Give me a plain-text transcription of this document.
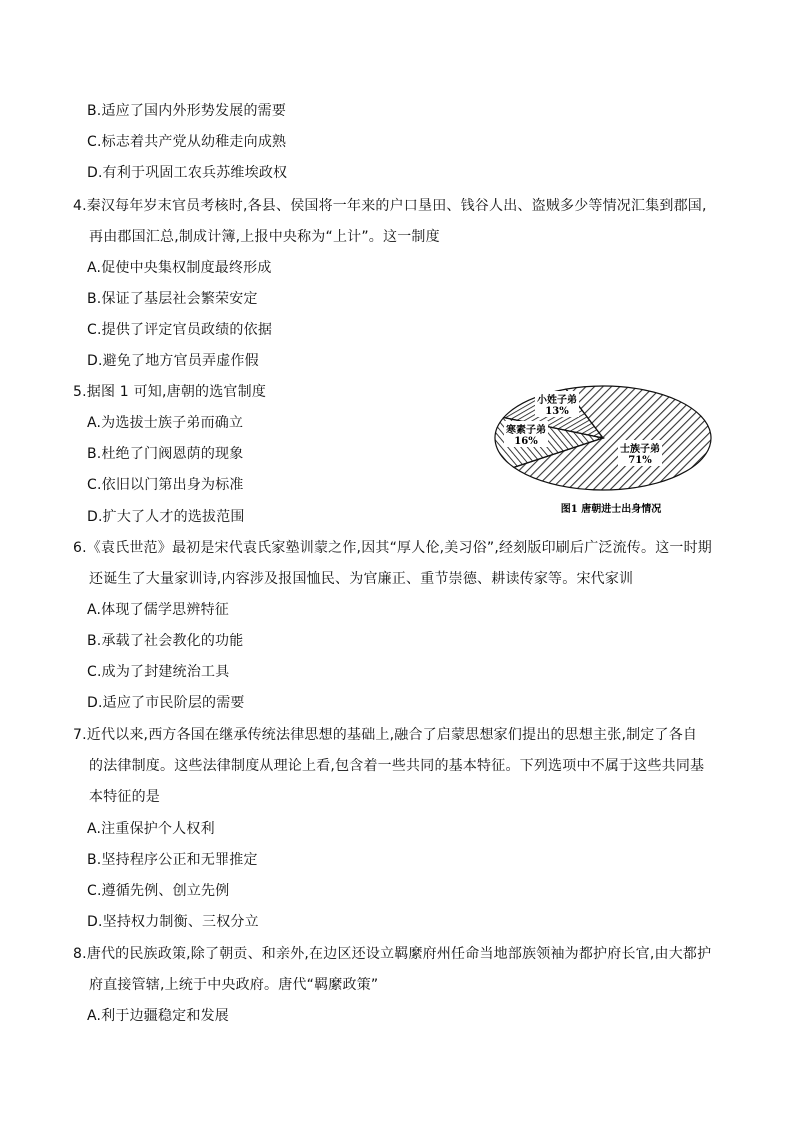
B.适应了国内外形势发展的需要
C.标志着共产党从幼稚走向成熟
D.有利于巩固工农兵苏维埃政权
4.秦汉每年岁末官员考核时,各县、侯国将一年来的户口垦田、钱谷人出、盗贼多少等情况汇集到郡国,
再由郡国汇总,制成计簿,上报中央称为“上计”。这一制度
A.促使中央集权制度最终形成
B.保证了基层社会繁荣安定
C.提供了评定官员政绩的依据
D.避免了地方官员弄虚作假
5.据图 1 可知,唐朝的选官制度
A.为选拔士族子弟而确立
B.杜绝了门阀恩荫的现象
C.依旧以门第出身为标准
D.扩大了人才的选拔范围
6.《袁氏世范》最初是宋代袁氏家塾训蒙之作,因其“厚人伦,美习俗”,经刻版印刷后广泛流传。这一时期
还诞生了大量家训诗,内容涉及报国恤民、为官廉正、重节崇德、耕读传家等。宋代家训
A.体现了儒学思辨特征
B.承载了社会教化的功能
C.成为了封建统治工具
D.适应了市民阶层的需要
7.近代以来,西方各国在继承传统法律思想的基础上,融合了启蒙思想家们提出的思想主张,制定了各自
的法律制度。这些法律制度从理论上看,包含着一些共同的基本特征。下列选项中不属于这些共同基
本特征的是
A.注重保护个人权利
B.坚持程序公正和无罪推定
C.遵循先例、创立先例
D.坚持权力制衡、三权分立
8.唐代的民族政策,除了朝贡、和亲外,在边区还设立羁縻府州任命当地部族领袖为都护府长官,由大都护
府直接管辖,上统于中央政府。唐代“羁縻政策”
A.利于边疆稳定和发展
士族子弟
71%
寒素子弟
16%
小姓子弟
13%
图1 唐朝进士出身情况
